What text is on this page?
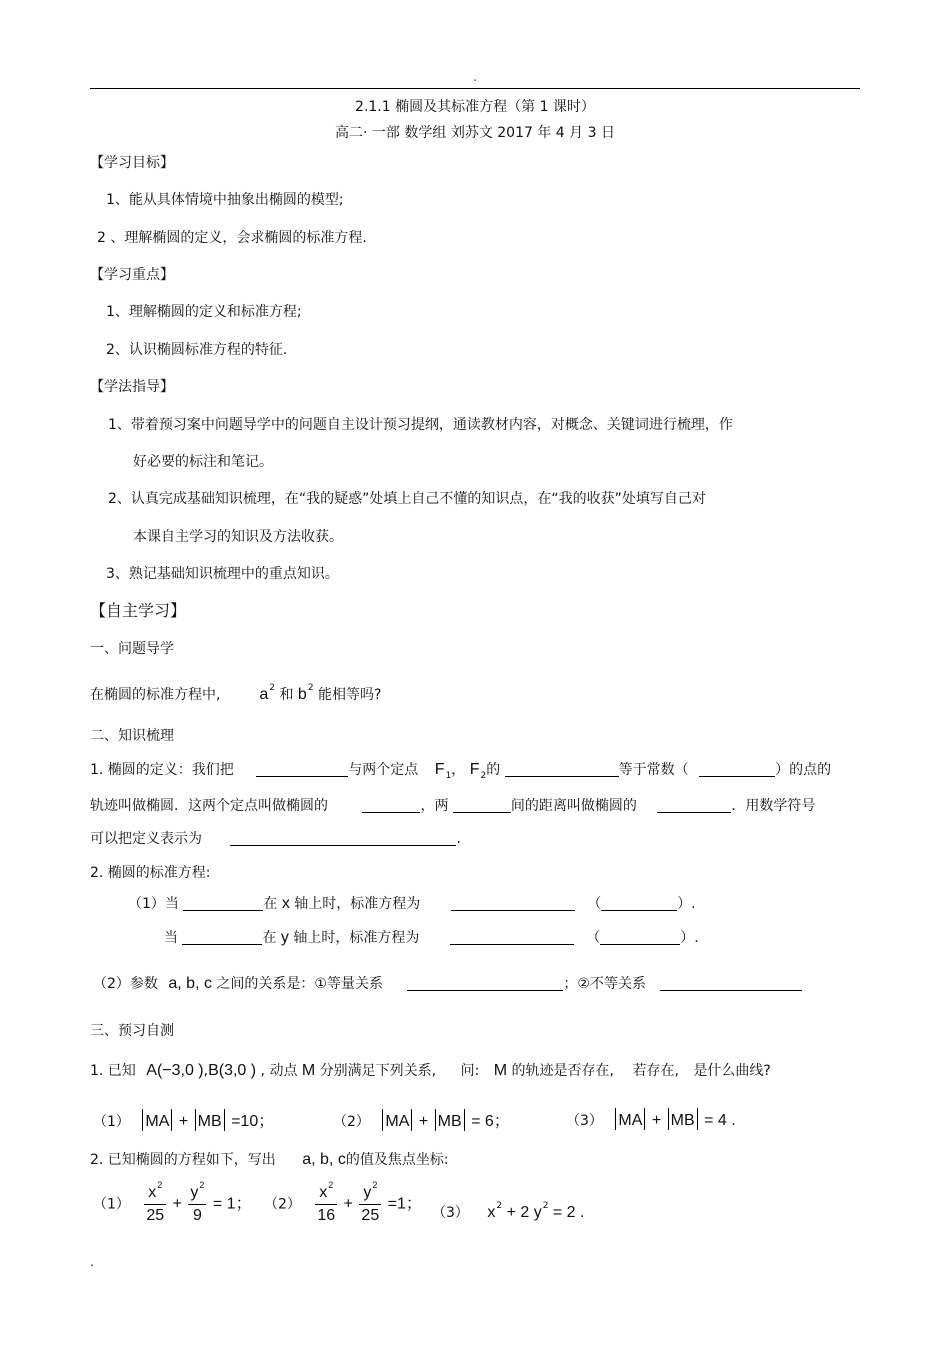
.
2.1.1 椭圆及其标准方程（第 1 课时）
高二· 一部 数学组 刘苏文 2017 年 4 月 3 日
【学习目标】
1、能从具体情境中抽象出椭圆的模型;
2 、理解椭圆的定义，会求椭圆的标准方程.
【学习重点】
1、理解椭圆的定义和标准方程;
2、认识椭圆标准方程的特征.
【学法指导】
1、带着预习案中问题导学中的问题自主设计预习提纲，通读教材内容，对概念、关键词进行梳理，作
好必要的标注和笔记。
2、认真完成基础知识梳理，在“我的疑惑”处填上自己不懂的知识点，在“我的收获”处填写自己对
本课自主学习的知识及方法收获。
3、熟记基础知识梳理中的重点知识。
【自主学习】
一、问题导学
在椭圆的标准方程中, $a^2$ 和 $b^2$ 能相等吗?
二、知识梳理
1. 椭圆的定义：我们把	与两个定点 $F_1$， $F_2$的	等于常数（	）的点的
轨迹叫做椭圆．这两个定点叫做椭圆的	，两	间的距离叫做椭圆的	．用数学符号
可以把定义表示为	.
2. 椭圆的标准方程:
（1）当	在 x 轴上时，标准方程为	（	）.
当	在 y 轴上时，标准方程为	（	）.
（2）参数 a, b, c 之间的关系是：①等量关系	；②不等关系
三、预习自测
1. 已知 A(−3,0 ),B(3,0 ) , 动点 M 分别满足下列关系, 问: M 的轨迹是否存在, 若存在, 是什么曲线?
（1） MA + MB =10；	（2） MA + MB = 6；	（3） MA + MB = 4 .
2. 已知椭圆的方程如下，写出 a, b, c的值及焦点坐标:
$(1) \frac{x^2}{25} + \frac{y^2}{9} = 1$； $(2) \frac{x^2}{16} + \frac{y^2}{25} =1$；
（3） $x^2 + 2$ $y^2 = 2$ .
.
